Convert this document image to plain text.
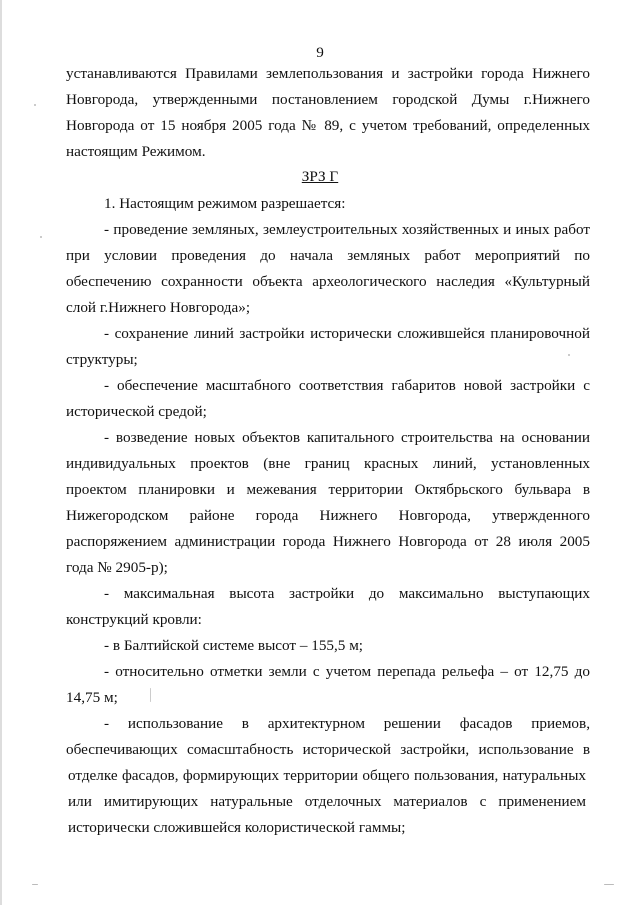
9
устанавливаются Правилами землепользования и застройки города Нижнего
Новгорода, утвержденными постановлением городской Думы г.Нижнего
Новгорода от 15 ноября 2005 года № 89, с учетом требований, определенных
настоящим Режимом.
ЗРЗ Г
1. Настоящим режимом разрешается:
- проведение земляных, землеустроительных хозяйственных и иных работ
при условии проведения до начала земляных работ мероприятий по
обеспечению сохранности объекта археологического наследия «Культурный
слой г.Нижнего Новгорода»;
- сохранение линий застройки исторически сложившейся планировочной
структуры;
- обеспечение масштабного соответствия габаритов новой застройки с
исторической средой;
- возведение новых объектов капитального строительства на основании
индивидуальных проектов (вне границ красных линий, установленных
проектом планировки и межевания территории Октябрьского бульвара в
Нижегородском районе города Нижнего Новгорода, утвержденного
распоряжением администрации города Нижнего Новгорода от 28 июля 2005
года № 2905-р);
- максимальная высота застройки до максимально выступающих
конструкций кровли:
- в Балтийской системе высот – 155,5 м;
- относительно отметки земли с учетом перепада рельефа – от 12,75 до
14,75 м;
- использование в архитектурном решении фасадов приемов,
обеспечивающих сомасштабность исторической застройки, использование в
отделке фасадов, формирующих территории общего пользования, натуральных
или имитирующих натуральные отделочных материалов с применением
исторически сложившейся колористической гаммы;
